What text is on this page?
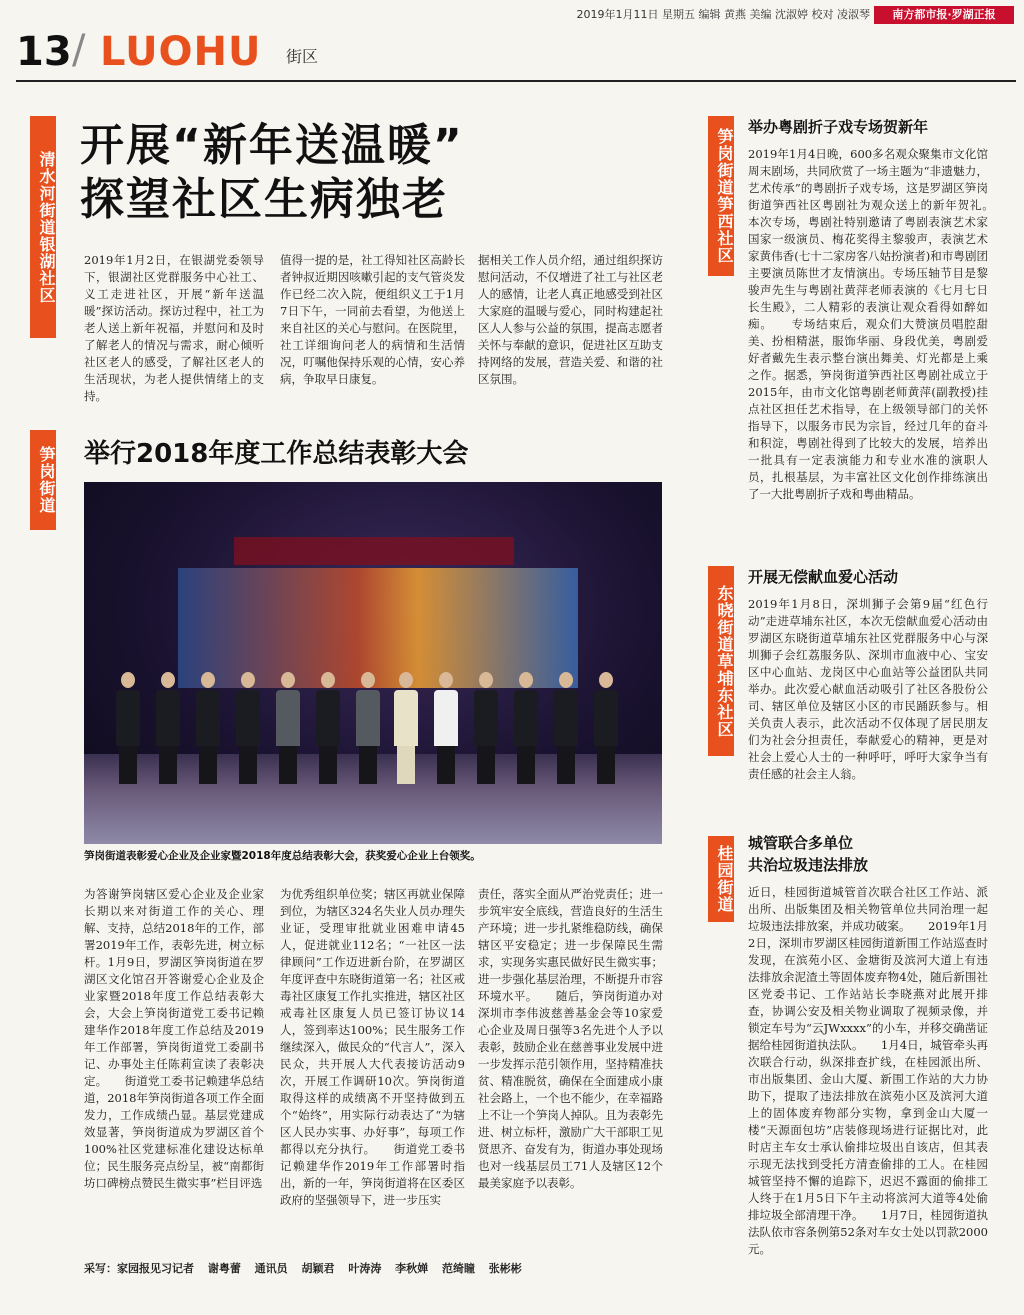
2019年1月11日 星期五 编辑 黄燕 美编 沈淑婷 校对 凌淑琴	南方都市报·罗湖正报
13 / LUOHU 街区
清水河街道银湖社区
开展“新年送温暖”
探望社区生病独老
2019年1月2日，在银湖党委领导下，银湖社区党群服务中心社工、义工走进社区，开展“新年送温暖”探访活动。探访过程中，社工为老人送上新年祝福，并慰问和及时了解老人的情况与需求，耐心倾听社区老人的感受，了解社区老人的生活现状，为老人提供情绪上的支持。
值得一提的是，社工得知社区高龄长者钟叔近期因咳嗽引起的支气管炎发作已经二次入院，便组织义工于1月7日下午，一同前去看望，为他送上来自社区的关心与慰问。在医院里，社工详细询问老人的病情和生活情况，叮嘱他保持乐观的心情，安心养病，争取早日康复。
据相关工作人员介绍，通过组织探访慰问活动，不仅增进了社工与社区老人的感情，让老人真正地感受到社区大家庭的温暖与爱心，同时构建起社区人人参与公益的氛围，提高志愿者关怀与奉献的意识，促进社区互助支持网络的发展，营造关爱、和谐的社区氛围。
笋岗街道 举行2018年度工作总结表彰大会
笋岗街道表彰爱心企业及企业家暨2018年度总结表彰大会，获奖爱心企业上台领奖。
为答谢笋岗辖区爱心企业及企业家长期以来对街道工作的关心、理解、支持，总结2018年的工作，部署2019年工作，表彰先进，树立标杆。1月9日，罗湖区笋岗街道在罗湖区文化馆召开答谢爱心企业及企业家暨2018年度工作总结表彰大会，大会上笋岗街道党工委书记赖建华作2018年度工作总结及2019年工作部署，笋岗街道党工委副书记、办事处主任陈莉宣读了表彰决定。　　街道党工委书记赖建华总结道，2018年笋岗街道各项工作全面发力，工作成绩凸显。基层党建成效显著，笋岗街道成为罗湖区首个100%社区党建标准化建设达标单位；民生服务亮点纷呈，被“南都街坊口碑榜点赞民生微实事”栏目评选
为优秀组织单位奖；辖区再就业保障到位，为辖区324名失业人员办理失业证，受理审批就业困难申请45人，促进就业112名；“一社区一法律顾问”工作迈进新台阶，在罗湖区年度评查中东晓街道第一名；社区戒毒社区康复工作扎实推进，辖区社区戒毒社区康复人员已签订协议14人，签到率达100%；民生服务工作继续深入，做民众的“代言人”，深入民众，共开展人大代表接访活动9次，开展工作调研10次。笋岗街道取得这样的成绩离不开坚持做到五个“始终”，用实际行动表达了“为辖区人民办实事、办好事”，每项工作都得以充分执行。　　街道党工委书记赖建华作2019年工作部署时指出，新的一年，笋岗街道将在区委区政府的坚强领导下，进一步压实
责任，落实全面从严治党责任；进一步筑牢安全底线，营造良好的生活生产环境；进一步扎紧维稳防线，确保辖区平安稳定；进一步保障民生需求，实现务实惠民做好民生微实事；进一步强化基层治理，不断提升市容环境水平。　　随后，笋岗街道办对深圳市李伟波慈善基金会等10家爱心企业及周日强等3名先进个人予以表彰，鼓励企业在慈善事业发展中进一步发挥示范引领作用，坚持精准扶贫、精准脱贫，确保在全面建成小康社会路上，一个也不能少，在幸福路上不让一个笋岗人掉队。且为表彰先进、树立标杆，激励广大干部职工见贤思齐、奋发有为，街道办事处现场也对一线基层员工71人及辖区12个最美家庭予以表彰。
采写：家园报见习记者 谢粤蕾 通讯员 胡颖君 叶涛涛 李秋婵 范绮瞳 张彬彬
笋岗街道笋西社区
举办粤剧折子戏专场贺新年
2019年1月4日晚，600多名观众聚集市文化馆周末剧场，共同欣赏了一场主题为“非遗魅力，艺术传承”的粤剧折子戏专场，这是罗湖区笋岗街道笋西社区粤剧社为观众送上的新年贺礼。　　本次专场，粤剧社特别邀请了粤剧表演艺术家国家一级演员、梅花奖得主黎骏声，表演艺术家黄伟香(七十二家房客八姑扮演者)和市粤剧团主要演员陈世才友情演出。专场压轴节目是黎骏声先生与粤剧社黄萍老师表演的《七月七日长生殿》，二人精彩的表演让观众看得如醉如痴。　　专场结束后，观众们大赞演员唱腔甜美、扮相精湛，服饰华丽、身段优美，粤剧爱好者戴先生表示整台演出舞美、灯光都是上乘之作。据悉，笋岗街道笋西社区粤剧社成立于2015年，由市文化馆粤剧老师黄萍(副教授)挂点社区担任艺术指导，在上级领导部门的关怀指导下，以服务市民为宗旨，经过几年的奋斗和积淀，粤剧社得到了比较大的发展，培养出一批具有一定表演能力和专业水准的演职人员，扎根基层，为丰富社区文化创作排练演出了一大批粤剧折子戏和粤曲精品。
东晓街道草埔东社区
开展无偿献血爱心活动
2019年1月8日，深圳狮子会第9届“红色行动”走进草埔东社区，本次无偿献血爱心活动由罗湖区东晓街道草埔东社区党群服务中心与深圳狮子会红荔服务队、深圳市血液中心、宝安区中心血站、龙岗区中心血站等公益团队共同举办。此次爱心献血活动吸引了社区各股份公司、辖区单位及辖区小区的市民踊跃参与。相关负责人表示，此次活动不仅体现了居民朋友们为社会分担责任，奉献爱心的精神，更是对社会上爱心人士的一种呼吁，呼吁大家争当有责任感的社会主人翁。
桂园街道
城管联合多单位
共治垃圾违法排放
近日，桂园街道城管首次联合社区工作站、派出所、出版集团及相关物管单位共同治理一起垃圾违法排放案，并成功破案。　　2019年1月2日，深圳市罗湖区桂园街道新围工作站巡查时发现，在滨苑小区、金塘街及滨河大道上有违法排放余泥渣土等固体废弃物4处，随后新围社区党委书记、工作站站长李晓燕对此展开排查，协调公安及相关物业调取了视频录像，并锁定车号为“云JWxxxx”的小车，并移交确凿证据给桂园街道执法队。　　1月4日，城管牵头再次联合行动，纵深排查扩线，在桂园派出所、市出版集团、金山大厦、新围工作站的大力协助下，提取了违法排放在滨苑小区及滨河大道上的固体废弃物部分实物，拿到金山大厦一楼“天源面包坊”店装修现场进行证据比对，此时店主车女士承认偷排垃圾出自该店，但其表示现无法找到受托方清查偷排的工人。在桂园城管坚持不懈的追踪下，迟迟不露面的偷排工人终于在1月5日下午主动将滨河大道等4处偷排垃圾全部清理干净。　　1月7日，桂园街道执法队依市容条例第52条对车女士处以罚款2000元。
